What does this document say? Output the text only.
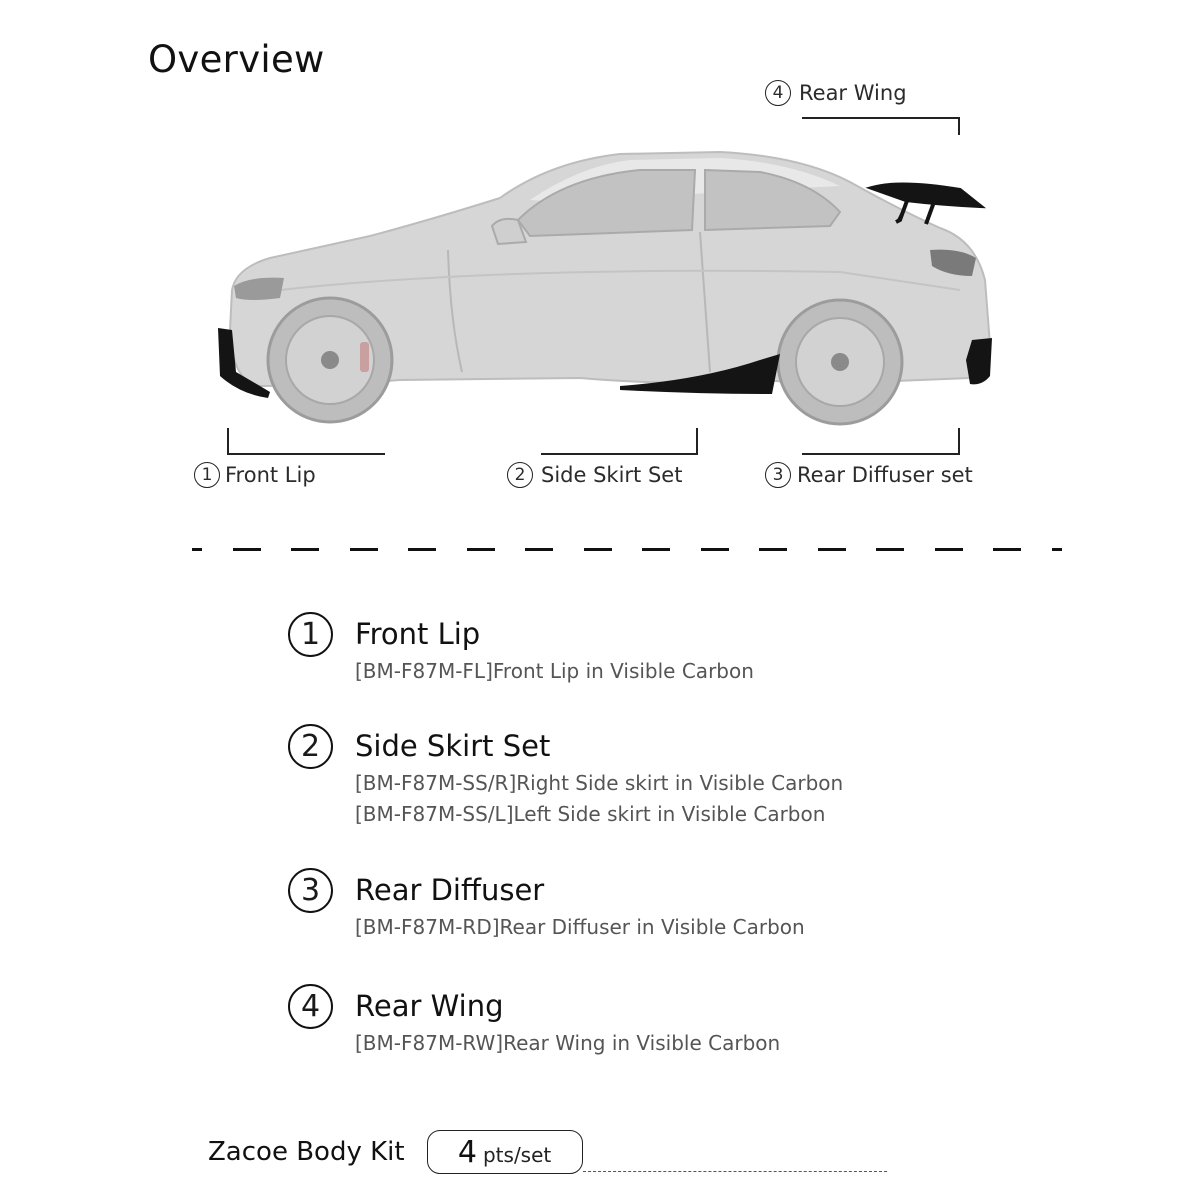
Overview
4 Rear Wing
1 Front Lip	2 Side Skirt Set	3 Rear Diffuser set
1	Front Lip
[BM-F87M-FL]Front Lip in Visible Carbon
2	Side Skirt Set
[BM-F87M-SS/R]Right Side skirt in Visible Carbon
[BM-F87M-SS/L]Left Side skirt in Visible Carbon
3	Rear Diffuser
[BM-F87M-RD]Rear Diffuser in Visible Carbon
4	Rear Wing
[BM-F87M-RW]Rear Wing in Visible Carbon
Zacoe Body Kit 4 pts/set
